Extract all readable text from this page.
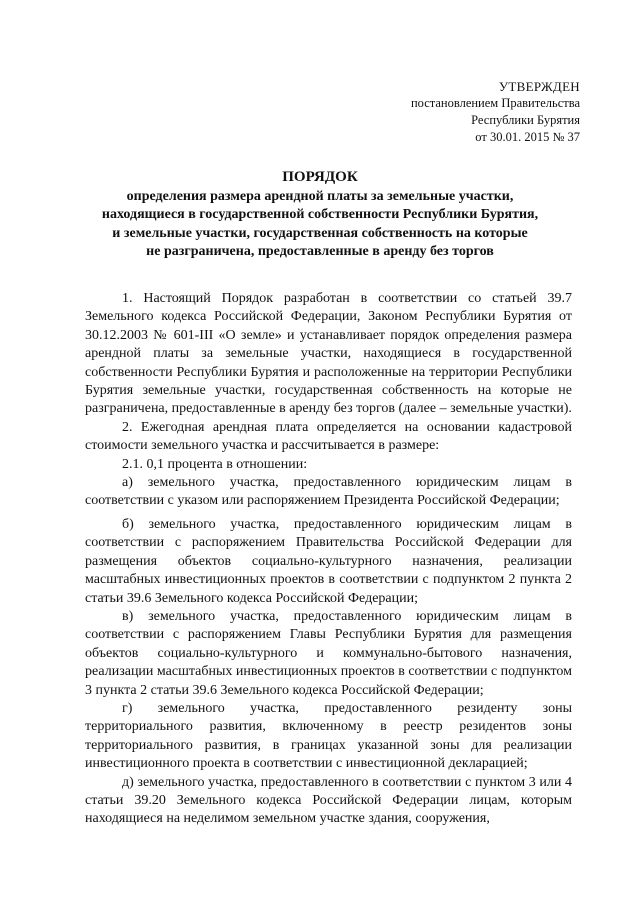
УТВЕРЖДЕН
постановлением Правительства
Республики Бурятия
от 30.01. 2015 № 37
ПОРЯДОК
определения размера арендной платы за земельные участки,
находящиеся в государственной собственности Республики Бурятия,
и земельные участки, государственная собственность на которые
не разграничена, предоставленные в аренду без торгов

1. Настоящий Порядок разработан в соответствии со статьей 39.7 Земельного кодекса Российской Федерации, Законом Республики Бурятия от 30.12.2003 № 601-III «О земле» и устанавливает порядок определения размера арендной платы за земельные участки, находящиеся в государственной собственности Республики Бурятия и расположенные на территории Республики Бурятия земельные участки, государственная собственность на которые не разграничена, предоставленные в аренду без торгов (далее – земельные участки).

2. Ежегодная арендная плата определяется на основании кадастровой стоимости земельного участка и рассчитывается в размере:

2.1. 0,1 процента в отношении:

а) земельного участка, предоставленного юридическим лицам в соответствии с указом или распоряжением Президента Российской Федерации;

б) земельного участка, предоставленного юридическим лицам в соответствии с распоряжением Правительства Российской Федерации для размещения объектов социально-культурного назначения, реализации масштабных инвестиционных проектов в соответствии с подпунктом 2 пункта 2 статьи 39.6 Земельного кодекса Российской Федерации;

в) земельного участка, предоставленного юридическим лицам в соответствии с распоряжением Главы Республики Бурятия для размещения объектов социально-культурного и коммунально-бытового назначения, реализации масштабных инвестиционных проектов в соответствии с подпунктом 3 пункта 2 статьи 39.6 Земельного кодекса Российской Федерации;

г) земельного участка, предоставленного резиденту зоны территориального развития, включенному в реестр резидентов зоны территориального развития, в границах указанной зоны для реализации инвестиционного проекта в соответствии с инвестиционной декларацией;

д) земельного участка, предоставленного в соответствии с пунктом 3 или 4 статьи 39.20 Земельного кодекса Российской Федерации лицам, которым находящиеся на неделимом земельном участке здания, сооружения,
